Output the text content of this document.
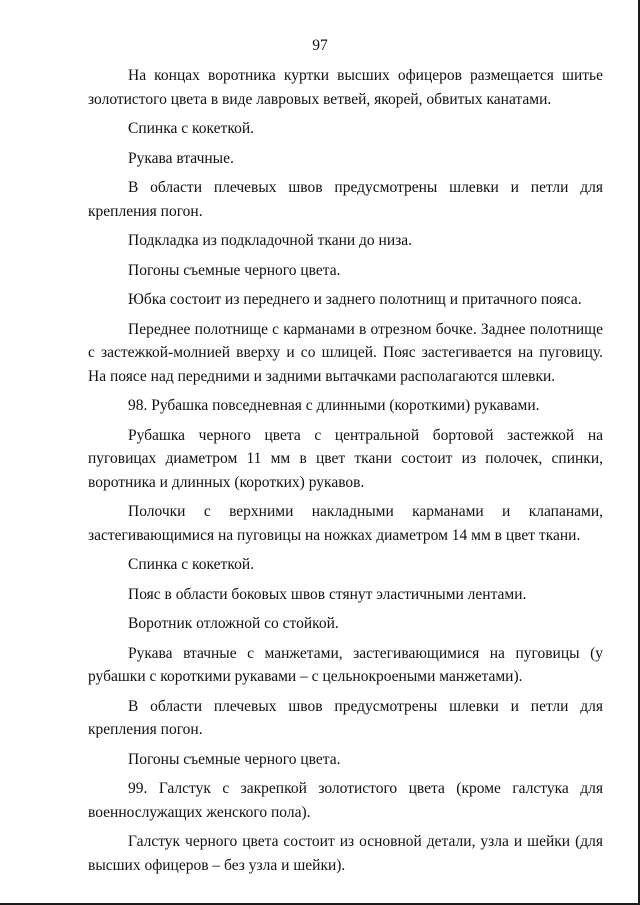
97

На концах воротника куртки высших офицеров размещается шитье золотистого цвета в виде лавровых ветвей, якорей, обвитых канатами.

Спинка с кокеткой.

Рукава втачные.

В области плечевых швов предусмотрены шлевки и петли для крепления погон.

Подкладка из подкладочной ткани до низа.

Погоны съемные черного цвета.

Юбка состоит из переднего и заднего полотнищ и притачного пояса.

Переднее полотнище с карманами в отрезном бочке. Заднее полотнище с застежкой-молнией вверху и со шлицей. Пояс застегивается на пуговицу. На поясе над передними и задними вытачками располагаются шлевки.

98. Рубашка повседневная с длинными (короткими) рукавами.

Рубашка черного цвета с центральной бортовой застежкой на пуговицах диаметром 11 мм в цвет ткани состоит из полочек, спинки, воротника и длинных (коротких) рукавов.

Полочки с верхними накладными карманами и клапанами, застегивающимися на пуговицы на ножках диаметром 14 мм в цвет ткани.

Спинка с кокеткой.

Пояс в области боковых швов стянут эластичными лентами.

Воротник отложной со стойкой.

Рукава втачные с манжетами, застегивающимися на пуговицы (у рубашки с короткими рукавами – с цельнокроеными манжетами).

В области плечевых швов предусмотрены шлевки и петли для крепления погон.

Погоны съемные черного цвета.

99. Галстук с закрепкой золотистого цвета (кроме галстука для военнослужащих женского пола).

Галстук черного цвета состоит из основной детали, узла и шейки (для высших офицеров – без узла и шейки).
